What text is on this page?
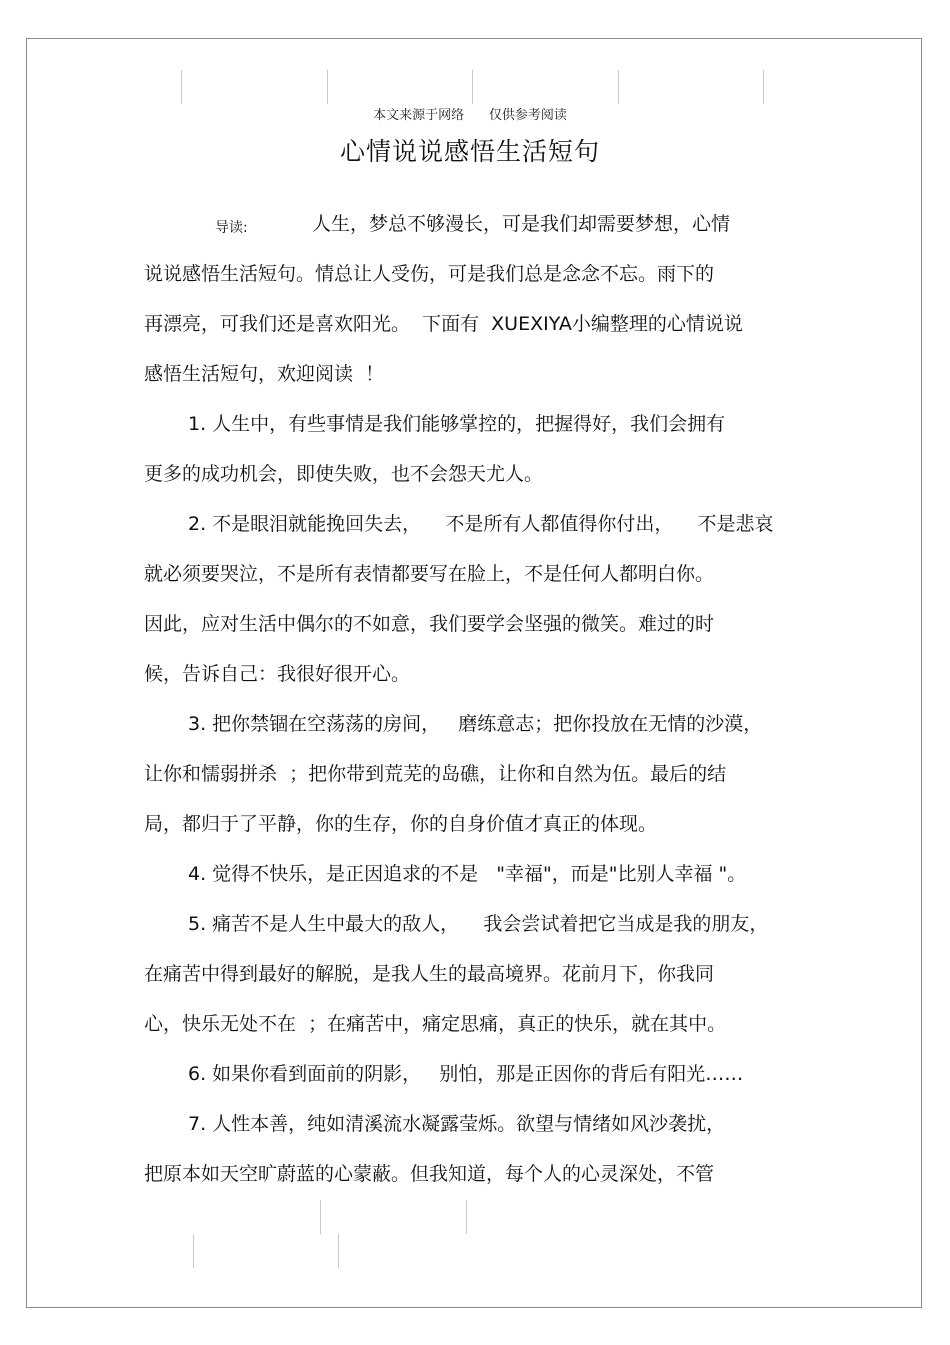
本文来源于网络      仅供参考阅读
心情说说感悟生活短句
导读:	人生，梦总不够漫长，可是我们却需要梦想，心情
说说感悟生活短句。情总让人受伤，可是我们总是念念不忘。雨下的
再漂亮，可我们还是喜欢阳光。  下面有  XUEXIYA小编整理的心情说说
感悟生活短句，欢迎阅读  ！
1. 人生中，有些事情是我们能够掌控的，把握得好，我们会拥有
更多的成功机会，即使失败，也不会怨天尤人。
2. 不是眼泪就能挽回失去，    不是所有人都值得你付出，    不是悲哀
就必须要哭泣，不是所有表情都要写在脸上，不是任何人都明白你。
因此，应对生活中偶尔的不如意，我们要学会坚强的微笑。难过的时
候，告诉自己：我很好很开心。
3. 把你禁锢在空荡荡的房间，   磨练意志；把你投放在无情的沙漠，
让你和懦弱拼杀  ；把你带到荒芜的岛礁，让你和自然为伍。最后的结
局，都归于了平静，你的生存，你的自身价值才真正的体现。
4. 觉得不快乐，是正因追求的不是   "幸福"，而是"比别人幸福 "。
5. 痛苦不是人生中最大的敌人，    我会尝试着把它当成是我的朋友，
在痛苦中得到最好的解脱，是我人生的最高境界。花前月下，你我同
心，快乐无处不在  ；在痛苦中，痛定思痛，真正的快乐，就在其中。
6. 如果你看到面前的阴影，   别怕，那是正因你的背后有阳光……
7. 人性本善，纯如清溪流水凝露莹烁。欲望与情绪如风沙袭扰，
把原本如天空旷蔚蓝的心蒙蔽。但我知道，每个人的心灵深处，不管
